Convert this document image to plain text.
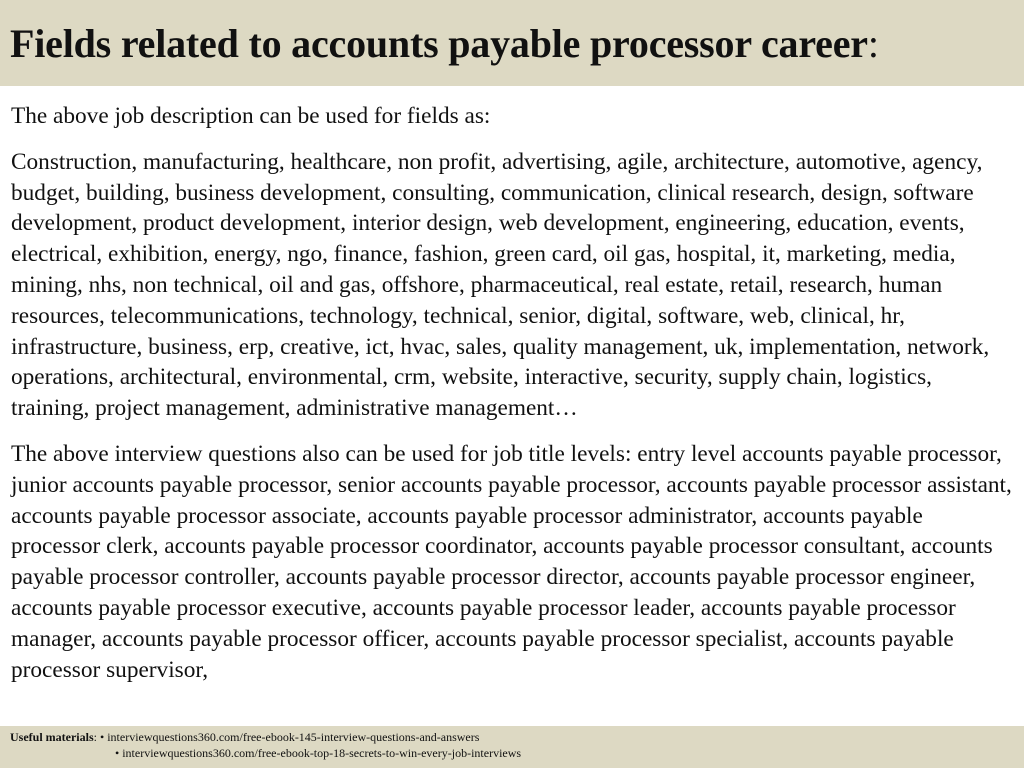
Fields related to accounts payable processor career:

The above job description can be used for fields as:

Construction, manufacturing, healthcare, non profit, advertising, agile, architecture, automotive, agency, budget, building, business development, consulting, communication, clinical research, design, software development, product development, interior design, web development, engineering, education, events, electrical, exhibition, energy, ngo, finance, fashion, green card, oil gas, hospital, it, marketing, media, mining, nhs, non technical, oil and gas, offshore, pharmaceutical, real estate, retail, research, human resources, telecommunications, technology, technical, senior, digital, software, web, clinical, hr, infrastructure, business, erp, creative, ict, hvac, sales, quality management, uk, implementation, network, operations, architectural, environmental, crm, website, interactive, security, supply chain, logistics, training, project management, administrative management…

The above interview questions also can be used for job title levels: entry level accounts payable processor, junior accounts payable processor, senior accounts payable processor, accounts payable processor assistant, accounts payable processor associate, accounts payable processor administrator, accounts payable processor clerk, accounts payable processor coordinator, accounts payable processor consultant, accounts payable processor controller, accounts payable processor director, accounts payable processor engineer, accounts payable processor executive, accounts payable processor leader, accounts payable processor manager, accounts payable processor officer, accounts payable processor specialist, accounts payable processor supervisor,

Useful materials: • interviewquestions360.com/free-ebook-145-interview-questions-and-answers
• interviewquestions360.com/free-ebook-top-18-secrets-to-win-every-job-interviews
